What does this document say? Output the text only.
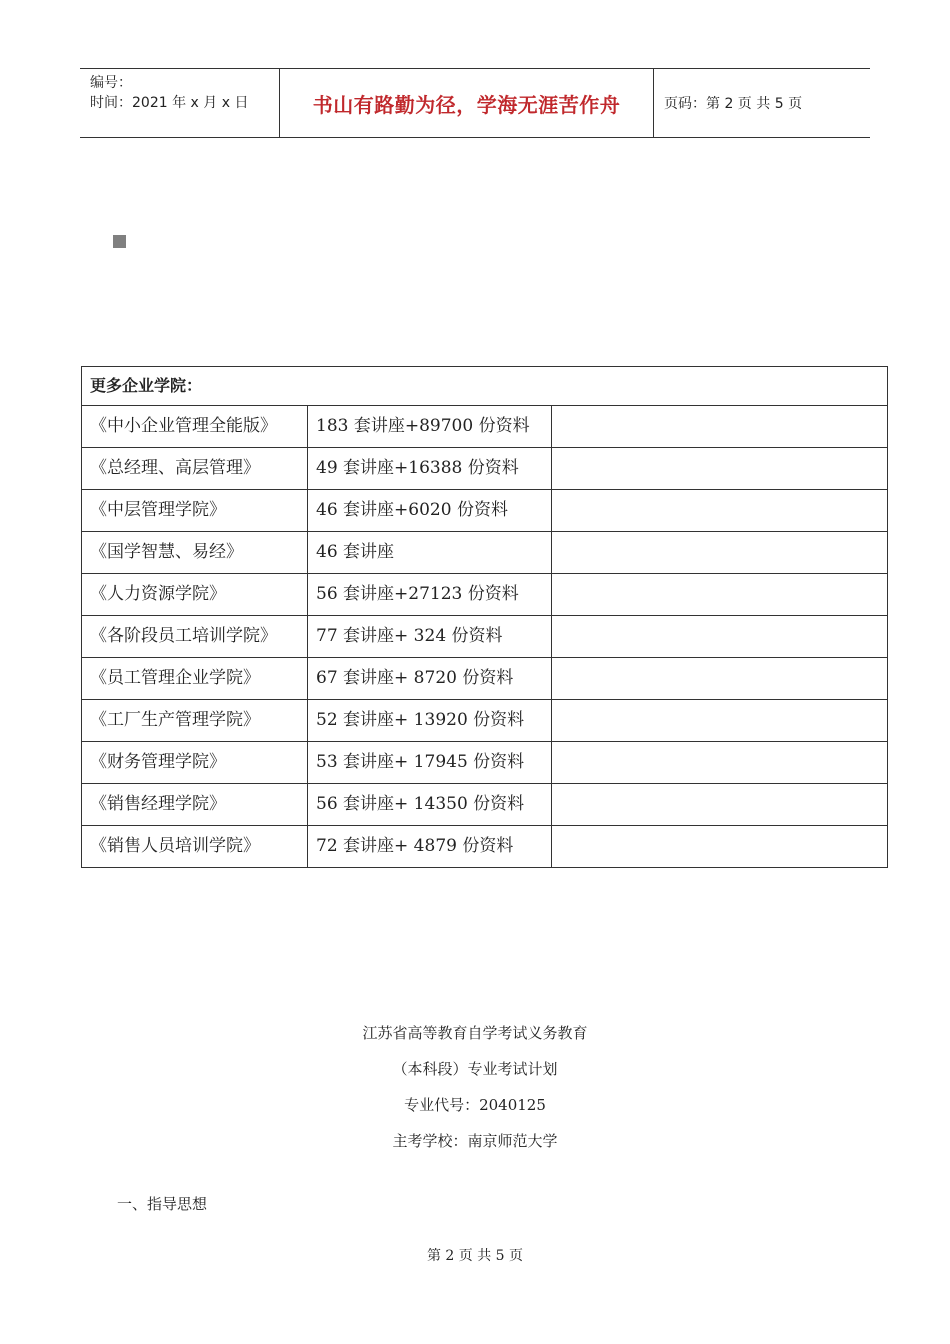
编号：
时间：2021 年 x 月 x 日	书山有路勤为径，学海无涯苦作舟	页码：第 2 页 共 5 页
更多企业学院：		
《中小企业管理全能版》	183 套讲座+89700 份资料	
《总经理、高层管理》	49 套讲座+16388 份资料	
《中层管理学院》	46 套讲座+6020 份资料	
《国学智慧、易经》	46 套讲座	
《人力资源学院》	56 套讲座+27123 份资料	
《各阶段员工培训学院》	77 套讲座+ 324 份资料	
《员工管理企业学院》	67 套讲座+ 8720 份资料	
《工厂生产管理学院》	52 套讲座+ 13920 份资料	
《财务管理学院》	53 套讲座+ 17945 份资料	
《销售经理学院》	56 套讲座+ 14350 份资料	
《销售人员培训学院》	72 套讲座+ 4879 份资料	
江苏省高等教育自学考试义务教育
（本科段）专业考试计划
专业代号：2040125
主考学校：南京师范大学
一、指导思想
第 2 页 共 5 页
